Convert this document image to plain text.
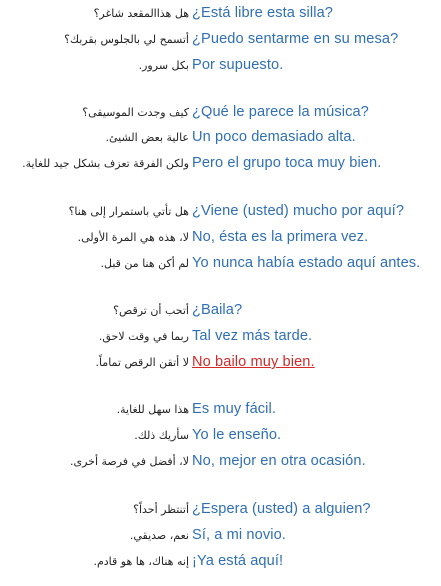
هل هذاالمقعد شاغر؟ ¿Está libre esta silla?
أتسمح لي بالجلوس بقربك؟ ¿Puedo sentarme en su mesa?
بكل سرور. Por supuesto.
كيف وجدت الموسيقى؟ ¿Qué le parece la música?
عالية بعض الشيئ. Un poco demasiado alta.
ولكن الفرقة تعزف بشكل جيد للغاية. Pero el grupo toca muy bien.
هل تأتي باستمرار إلى هنا؟ ¿Viene (usted) mucho por aquí?
لا، هذه هي المرة الأولى. No, ésta es la primera vez.
لم أكن هنا من قبل. Yo nunca había estado aquí antes.
أتحب أن ترقص؟ ¿Baila?
ربما في وقت لاحق. Tal vez más tarde.
لا أتقن الرقص تماماً. No bailo muy bien.
هذا سهل للغاية. Es muy fácil.
سأريك ذلك. Yo le enseño.
لا، أفضل في فرصة أخرى. No, mejor en otra ocasión.
أتنتظر أحداً؟ ¿Espera (usted) a alguien?
نعم، صديقي. Sí, a mi novio.
إنه هناك، ها هو قادم. ¡Ya está aquí!
